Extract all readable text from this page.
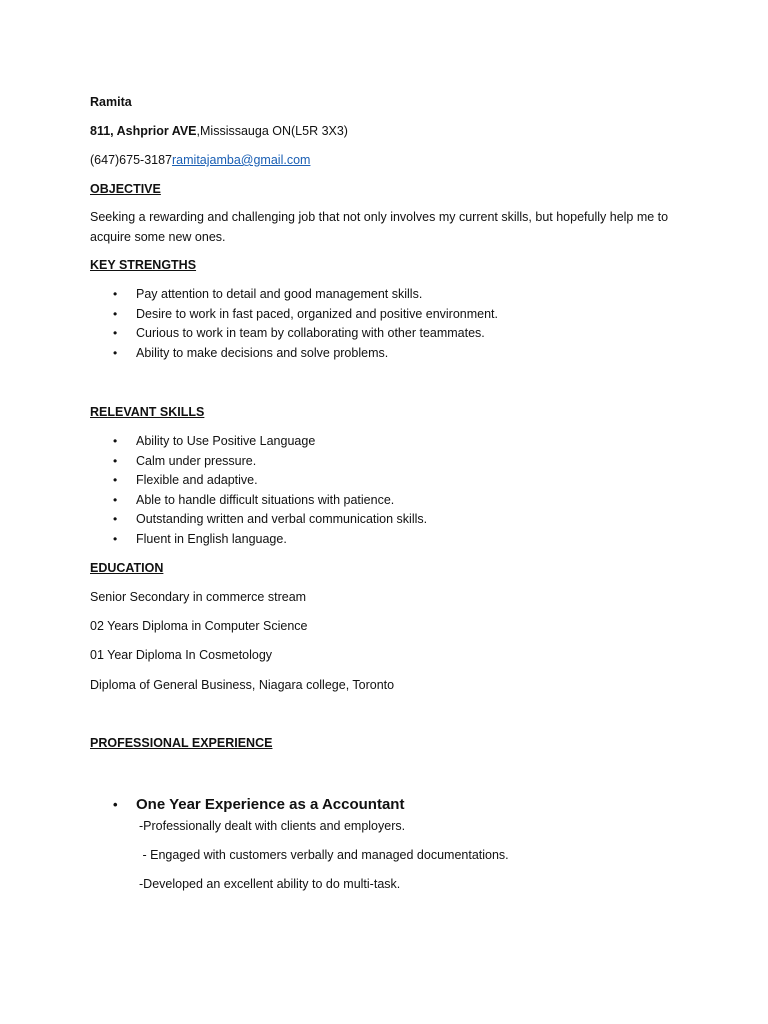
Ramita
811, Ashprior AVE,Mississauga ON(L5R 3X3)
(647)675-3187ramitajamba@gmail.com
OBJECTIVE
Seeking a rewarding and challenging job that not only involves my current skills, but hopefully help me to acquire some new ones.
KEY STRENGTHS
• Pay attention to detail and good management skills.
• Desire to work in fast paced, organized and positive environment.
• Curious to work in team by collaborating with other teammates.
• Ability to make decisions and solve problems.
RELEVANT SKILLS
• Ability to Use Positive Language
• Calm under pressure.
• Flexible and adaptive.
• Able to handle difficult situations with patience.
• Outstanding written and verbal communication skills.
• Fluent in English language.
EDUCATION
Senior Secondary in commerce stream
02 Years Diploma in Computer Science
01 Year Diploma In Cosmetology
Diploma of General Business, Niagara college, Toronto
PROFESSIONAL EXPERIENCE
• One Year Experience as a Accountant
-Professionally dealt with clients and employers.
- Engaged with customers verbally and managed documentations.
-Developed an excellent ability to do multi-task.
